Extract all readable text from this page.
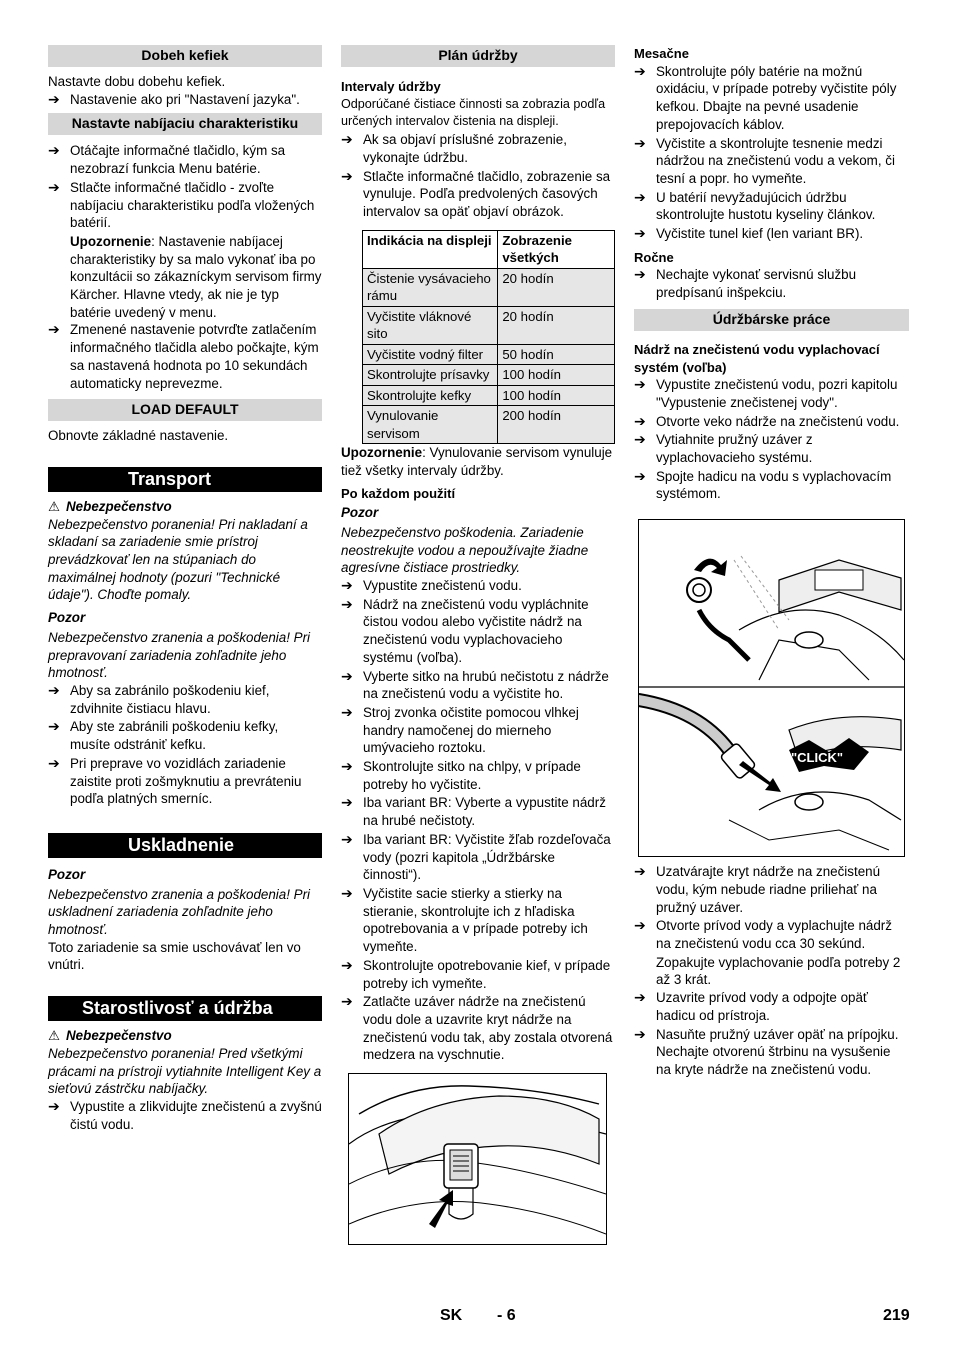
Dobeh kefiek

Nastavte dobu dobehu kefiek.

➔ Nastavenie ako pri "Nastavení jazyka".
Nastavte nabíjaciu charakteristiku
➔ Otáčajte informačné tlačidlo, kým sa nezobrazí funkcia Menu batérie.
➔ Stlačte informačné tlačidlo - zvoľte nabíjaciu charakteristiku podľa vložených batérií.

Upozornenie: Nastavenie nabíjacej charakteristiky by sa malo vykonať iba po konzultácii so zákazníckym servisom firmy Kärcher. Hlavne vtedy, ak nie je typ batérie uvedený v menu.

➔ Zmenené nastavenie potvrďte zatlačením informačného tlačidla alebo počkajte, kým sa nastavená hodnota po 10 sekundách automaticky neprevezme.
LOAD DEFAULT

Obnovte základné nastavenie.

Transport

⚠ Nebezpečenstvo

Nebezpečenstvo poranenia! Pri nakladaní a skladaní sa zariadenie smie prístroj prevádzkovať len na stúpaniach do maximálnej hodnoty (pozuri "Technické údaje"). Choďte pomaly.

Pozor

Nebezpečenstvo zranenia a poškodenia! Pri prepravovaní zariadenia zohľadnite jeho hmotnosť.

➔ Aby sa zabránilo poškodeniu kief, zdvihnite čistiacu hlavu.
➔ Aby ste zabránili poškodeniu kefky, musíte odstrániť kefku.
➔ Pri preprave vo vozidlách zariadenie zaistite proti zošmyknutiu a prevráteniu podľa platných smerníc.
Uskladnenie

Pozor

Nebezpečenstvo zranenia a poškodenia! Pri uskladnení zariadenia zohľadnite jeho hmotnosť.

Toto zariadenie sa smie uschovávať len vo vnútri.

Starostlivosť a údržba

⚠ Nebezpečenstvo

Nebezpečenstvo poranenia! Pred všetkými prácami na prístroji vytiahnite Intelligent Key a sieťovú zástrčku nabíjačky.

➔ Vypustite a zlikvidujte znečistenú a zvyšnú čistú vodu.
Plán údržby

Intervaly údržby

Odporúčané čistiace činnosti sa zobrazia podľa určených intervalov čistenia na displeji.

➔ Ak sa objaví príslušné zobrazenie, vykonajte údržbu.
➔ Stlačte informačné tlačidlo, zobrazenie sa vynuluje. Podľa predvolených časových intervalov sa opäť objaví obrázok.
Indikácia na displeji	Zobrazenie všetkých
Čistenie vysávacieho rámu	20 hodín
Vyčistite vláknové sito	20 hodín
Vyčistite vodný filter	50 hodín
Skontrolujte prísavky	100 hodín
Skontrolujte kefky	100 hodín
Vynulovanie servisom	200 hodín

Upozornenie: Vynulovanie servisom vynuluje tiež všetky intervaly údržby.

Po každom použití

Pozor

Nebezpečenstvo poškodenia. Zariadenie neostrekujte vodou a nepoužívajte žiadne agresívne čistiace prostriedky.

➔ Vypustite znečistenú vodu.
➔ Nádrž na znečistenú vodu vypláchnite čistou vodou alebo vyčistite nádrž na znečistenú vodu vyplachovacieho systému (voľba).
➔ Vyberte sitko na hrubú nečistotu z nádrže na znečistenú vodu a vyčistite ho.
➔ Stroj zvonka očistite pomocou vlhkej handry namočenej do mierneho umývacieho roztoku.
➔ Skontrolujte sitko na chlpy, v prípade potreby ho vyčistite.
➔ Iba variant BR: Vyberte a vypustite nádrž na hrubé nečistoty.
➔ Iba variant BR: Vyčistite žľab rozdeľovača vody (pozri kapitola „Údržbárske činnosti“).
➔ Vyčistite sacie stierky a stierky na stieranie, skontrolujte ich z hľadiska opotrebovania a v prípade potreby ich vymeňte.
➔ Skontrolujte opotrebovanie kief, v prípade potreby ich vymeňte.
➔ Zatlačte uzáver nádrže na znečistenú vodu dole a uzavrite kryt nádrže na znečistenú vodu tak, aby zostala otvorená medzera na vyschnutie.

Mesačne

➔ Skontrolujte póly batérie na možnú oxidáciu, v prípade potreby vyčistite póly kefkou. Dbajte na pevné usadenie prepojovacích káblov.
➔ Vyčistite a skontrolujte tesnenie medzi nádržou na znečistenú vodu a vekom, či tesní a popr. ho vymeňte.
➔ U batérií nevyžadujúcich údržbu skontrolujte hustotu kyseliny článkov.
➔ Vyčistite tunel kief (len variant BR).

Ročne

➔ Nechajte vykonať servisnú službu predpísanú inšpekciu.
Údržbárske práce

Nádrž na znečistenú vodu vyplachovací systém (voľba)

➔ Vypustite znečistenú vodu, pozri kapitolu "Vypustenie znečistenej vody".
➔ Otvorte veko nádrže na znečistenú vodu.
➔ Vytiahnite pružný uzáver z vyplachovacieho systému.
➔ Spojte hadicu na vodu s vyplachovacím systémom.
"CLICK"
➔ Uzatvárajte kryt nádrže na znečistenú vodu, kým nebude riadne priliehať na pružný uzáver.
➔ Otvorte prívod vody a vyplachujte nádrž na znečistenú vodu cca 30 sekúnd.

Zopakujte vyplachovanie podľa potreby 2 až 3 krát.

➔ Uzavrite prívod vody a odpojte opäť hadicu od prístroja.
➔ Nasuňte pružný uzáver opäť na prípojku. Nechajte otvorenú štrbinu na vysušenie na kryte nádrže na znečistenú vodu.
SK - 6	219
